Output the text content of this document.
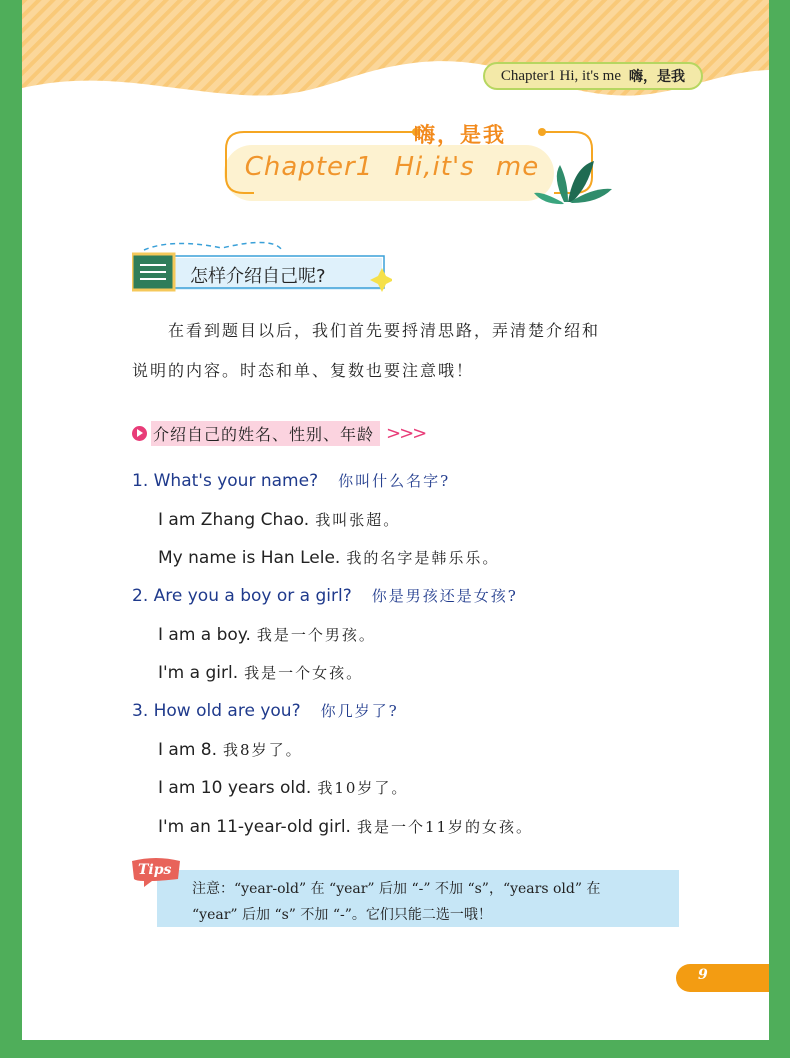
Chapter1 Hi, it's me 嗨，是我
嗨，是我
Chapter1 Hi,it's me
怎样介绍自己呢?
　　在看到题目以后，我们首先要捋清思路，弄清楚介绍和
说明的内容。时态和单、复数也要注意哦！
介绍自己的姓名、性别、年龄 >>>
1. What's your name? 你叫什么名字?
I am Zhang Chao. 我叫张超。
My name is Han Lele. 我的名字是韩乐乐。
2. Are you a boy or a girl? 你是男孩还是女孩?
I am a boy. 我是一个男孩。
I'm a girl. 我是一个女孩。
3. How old are you? 你几岁了?
I am 8. 我8岁了。
I am 10 years old. 我10岁了。
I'm an 11-year-old girl. 我是一个11岁的女孩。
Tips
注意：“year-old” 在 “year” 后加 “-” 不加 “s”，“years old” 在
“year” 后加 “s” 不加 “-”。它们只能二选一哦！
9
